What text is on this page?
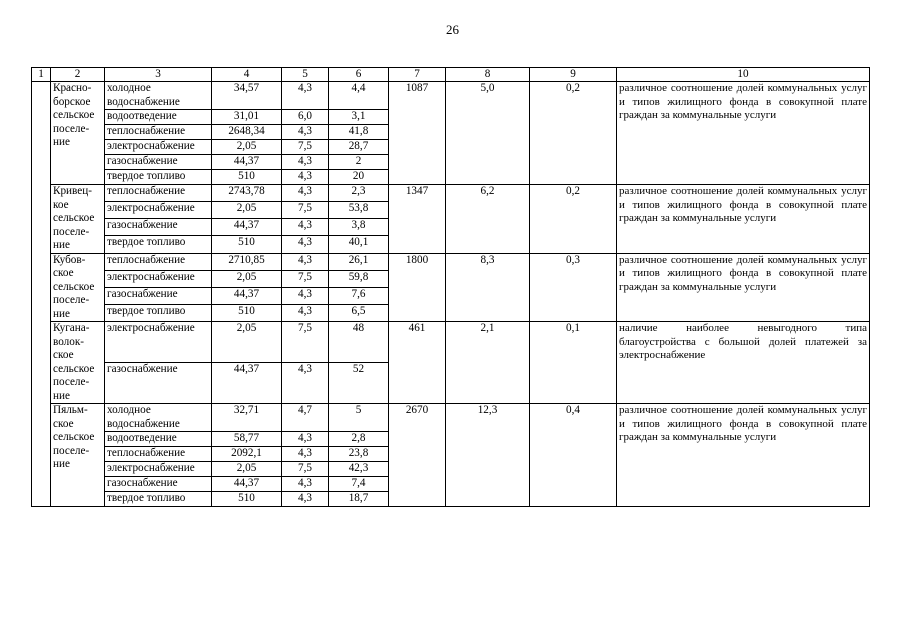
26
1	2	3	4	5	6	7	8	9	10
	Красно-борское сельское поселе-ние	холодное водоснабжение	34,57	4,3	4,4	1087	5,0	0,2	различное соотношение долей коммунальных услуг и типов жилищного фонда в совокупной плате граждан за коммунальные услуги
		водоотведение	31,01	6,0	3,1				
		теплоснабжение	2648,34	4,3	41,8				
		электроснабжение	2,05	7,5	28,7				
		газоснабжение	44,37	4,3	2				
		твердое топливо	510	4,3	20				
	Кривец-кое сельское поселе-ние	теплоснабжение	2743,78	4,3	2,3	1347	6,2	0,2	различное соотношение долей коммунальных услуг и типов жилищного фонда в совокупной плате граждан за коммунальные услуги
		электроснабжение	2,05	7,5	53,8				
		газоснабжение	44,37	4,3	3,8				
		твердое топливо	510	4,3	40,1				
	Кубов-ское сельское поселе-ние	теплоснабжение	2710,85	4,3	26,1	1800	8,3	0,3	различное соотношение долей коммунальных услуг и типов жилищного фонда в совокупной плате граждан за коммунальные услуги
		электроснабжение	2,05	7,5	59,8				
		газоснабжение	44,37	4,3	7,6				
		твердое топливо	510	4,3	6,5				
	Кугана-волок-ское сельское поселе-ние	электроснабжение	2,05	7,5	48	461	2,1	0,1	наличие наиболее невыгодного типа благоустройства с большой долей платежей за электроснабжение
		газоснабжение	44,37	4,3	52				
	Пяльм-ское сельское поселе-ние	холодное водоснабжение	32,71	4,7	5	2670	12,3	0,4	различное соотношение долей коммунальных услуг и типов жилищного фонда в совокупной плате граждан за коммунальные услуги
		водоотведение	58,77	4,3	2,8				
		теплоснабжение	2092,1	4,3	23,8				
		электроснабжение	2,05	7,5	42,3				
		газоснабжение	44,37	4,3	7,4				
		твердое топливо	510	4,3	18,7				
